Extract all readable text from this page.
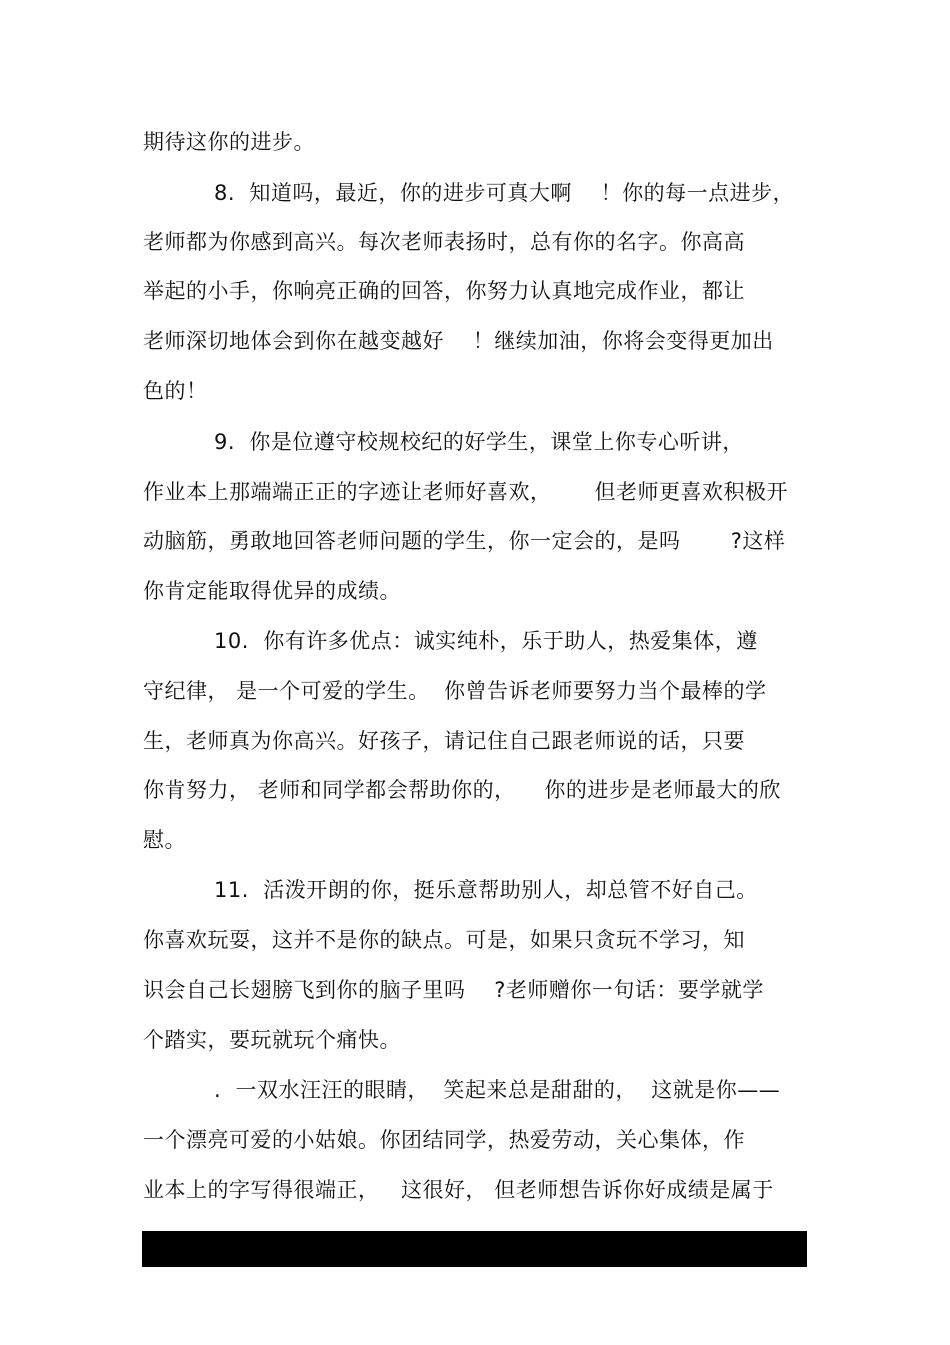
期待这你的进步。
8.  知道吗，最近，你的进步可真大啊    ！你的每一点进步，
老师都为你感到高兴。每次老师表扬时，总有你的名字。你高高
举起的小手，你响亮正确的回答，你努力认真地完成作业，都让
老师深切地体会到你在越变越好    ！继续加油，你将会变得更加出
色的！
9.  你是位遵守校规校纪的好学生，课堂上你专心听讲，
作业本上那端端正正的字迹让老师好喜欢，      但老师更喜欢积极开
动脑筋，勇敢地回答老师问题的学生，你一定会的，是吗       ?这样
你肯定能取得优异的成绩。
10.  你有许多优点：诚实纯朴，乐于助人，热爱集体，遵
守纪律， 是一个可爱的学生。  你曾告诉老师要努力当个最棒的学
生，老师真为你高兴。好孩子，请记住自己跟老师说的话，只要
你肯努力， 老师和同学都会帮助你的，    你的进步是老师最大的欣
慰。
11.  活泼开朗的你，挺乐意帮助别人，却总管不好自己。
你喜欢玩耍，这并不是你的缺点。可是，如果只贪玩不学习，知
识会自己长翅膀飞到你的脑子里吗    ?老师赠你一句话：要学就学
个踏实，要玩就玩个痛快。
.  一双水汪汪的眼睛，  笑起来总是甜甜的，  这就是你——
一个漂亮可爱的小姑娘。你团结同学，热爱劳动，关心集体，作
业本上的字写得很端正，   这很好， 但老师想告诉你好成绩是属于
